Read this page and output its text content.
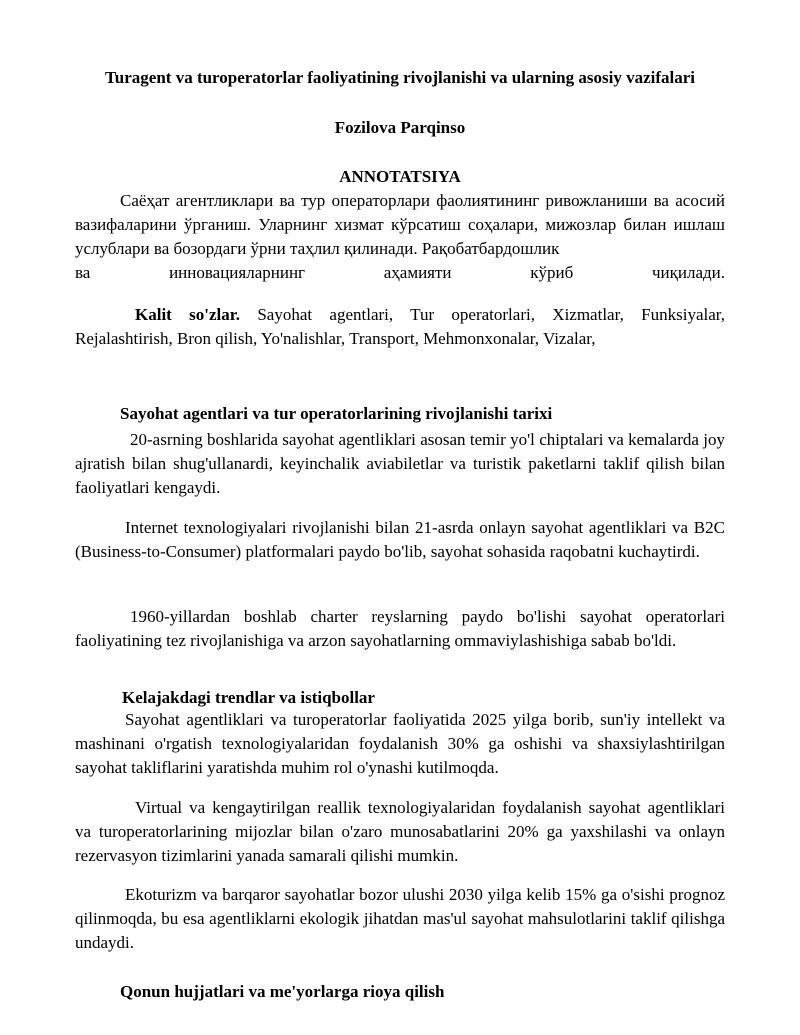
Turagent va turoperatorlar faoliyatining rivojlanishi va ularning asosiy vazifalari
Fozilova Parqinso
ANNOTATSIYA

Саёҳат агентликлари ва тур операторлари фаолиятининг ривожланиши ва асосий вазифаларини ўрганиш. Уларнинг хизмат кўрсатиш соҳалари, мижозлар билан ишлаш услублари ва бозордаги ўрни таҳлил қилинади. Рақобатбардошлик

ва инновацияларнинг аҳамияти кўриб чиқилади.

Kalit so'zlar. Sayohat agentlari, Tur operatorlari, Xizmatlar, Funksiyalar, Rejalashtirish, Bron qilish, Yo'nalishlar, Transport, Mehmonxonalar, Vizalar,

Sayohat agentlari va tur operatorlarining rivojlanishi tarixi

20-asrning boshlarida sayohat agentliklari asosan temir yo'l chiptalari va kemalarda joy ajratish bilan shug'ullanardi, keyinchalik aviabiletlar va turistik paketlarni taklif qilish bilan faoliyatlari kengaydi.

Internet texnologiyalari rivojlanishi bilan 21-asrda onlayn sayohat agentliklari va B2C (Business-to-Consumer) platformalari paydo bo'lib, sayohat sohasida raqobatni kuchaytirdi.

1960-yillardan boshlab charter reyslarning paydo bo'lishi sayohat operatorlari faoliyatining tez rivojlanishiga va arzon sayohatlarning ommaviylashishiga sabab bo'ldi.

Kelajakdagi trendlar va istiqbollar

Sayohat agentliklari va turoperatorlar faoliyatida 2025 yilga borib, sun'iy intellekt va mashinani o'rgatish texnologiyalaridan foydalanish 30% ga oshishi va shaxsiylashtirilgan sayohat takliflarini yaratishda muhim rol o'ynashi kutilmoqda.

Virtual va kengaytirilgan reallik texnologiyalaridan foydalanish sayohat agentliklari va turoperatorlarining mijozlar bilan o'zaro munosabatlarini 20% ga yaxshilashi va onlayn rezervasyon tizimlarini yanada samarali qilishi mumkin.

Ekoturizm va barqaror sayohatlar bozor ulushi 2030 yilga kelib 15% ga o'sishi prognoz qilinmoqda, bu esa agentliklarni ekologik jihatdan mas'ul sayohat mahsulotlarini taklif qilishga undaydi.

Qonun hujjatlari va me'yorlarga rioya qilish
